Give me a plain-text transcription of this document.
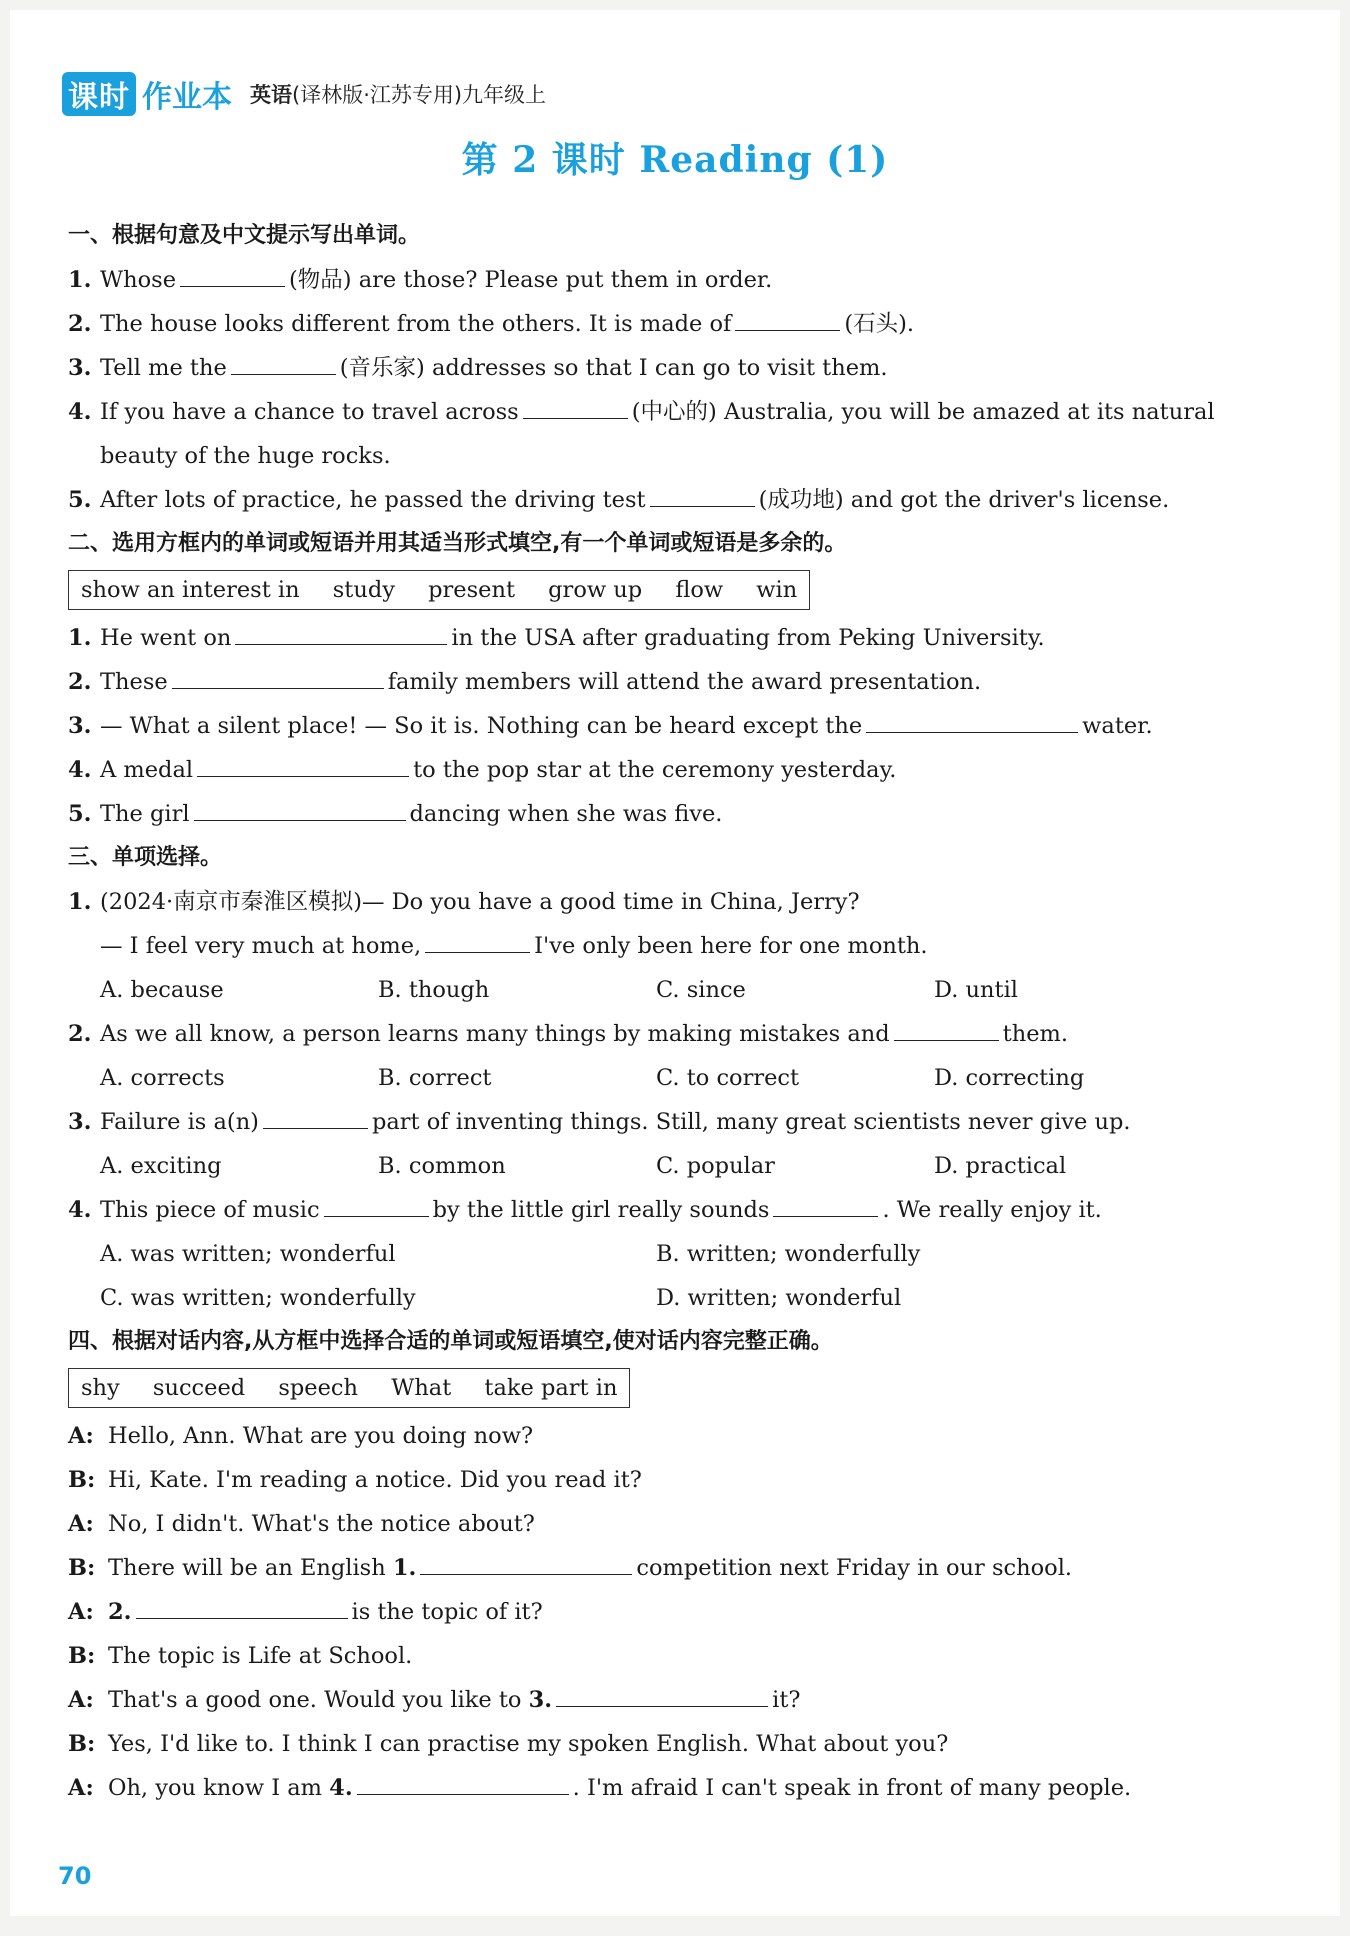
课时 作业本 英语(译林版·江苏专用)九年级上
第 2 课时 Reading (1)
一、根据句意及中文提示写出单词。
1. Whose	(物品) are those? Please put them in order.
2. The house looks different from the others. It is made of	(石头).
3. Tell me the	(音乐家) addresses so that I can go to visit them.
4. If you have a chance to travel across	(中心的) Australia, you will be amazed at its natural beauty of the huge rocks.
5. After lots of practice, he passed the driving test	(成功地) and got the driver's license.
二、选用方框内的单词或短语并用其适当形式填空,有一个单词或短语是多余的。
show an interest in study present grow up flow win
1. He went on	in the USA after graduating from Peking University.
2. These	family members will attend the award presentation.
3. — What a silent place! — So it is. Nothing can be heard except the	water.
4. A medal	to the pop star at the ceremony yesterday.
5. The girl	dancing when she was five.
三、单项选择。
1. (2024·南京市秦淮区模拟)— Do you have a good time in China, Jerry?
— I feel very much at home,	I've only been here for one month.
A. because	B. though	C. since	D. until
2. As we all know, a person learns many things by making mistakes and	them.
A. corrects	B. correct	C. to correct	D. correcting
3. Failure is a(n)	part of inventing things. Still, many great scientists never give up.
A. exciting	B. common	C. popular	D. practical
4. This piece of music	by the little girl really sounds	. We really enjoy it.
A. was written; wonderful	B. written; wonderfully
C. was written; wonderfully	D. written; wonderful
四、根据对话内容,从方框中选择合适的单词或短语填空,使对话内容完整正确。
shy succeed speech What take part in
A: Hello, Ann. What are you doing now?
B: Hi, Kate. I'm reading a notice. Did you read it?
A: No, I didn't. What's the notice about?
B: There will be an English 1.	competition next Friday in our school.
A: 2.	is the topic of it?
B: The topic is Life at School.
A: That's a good one. Would you like to 3.	it?
B: Yes, I'd like to. I think I can practise my spoken English. What about you?
A: Oh, you know I am 4.	. I'm afraid I can't speak in front of many people.
70
